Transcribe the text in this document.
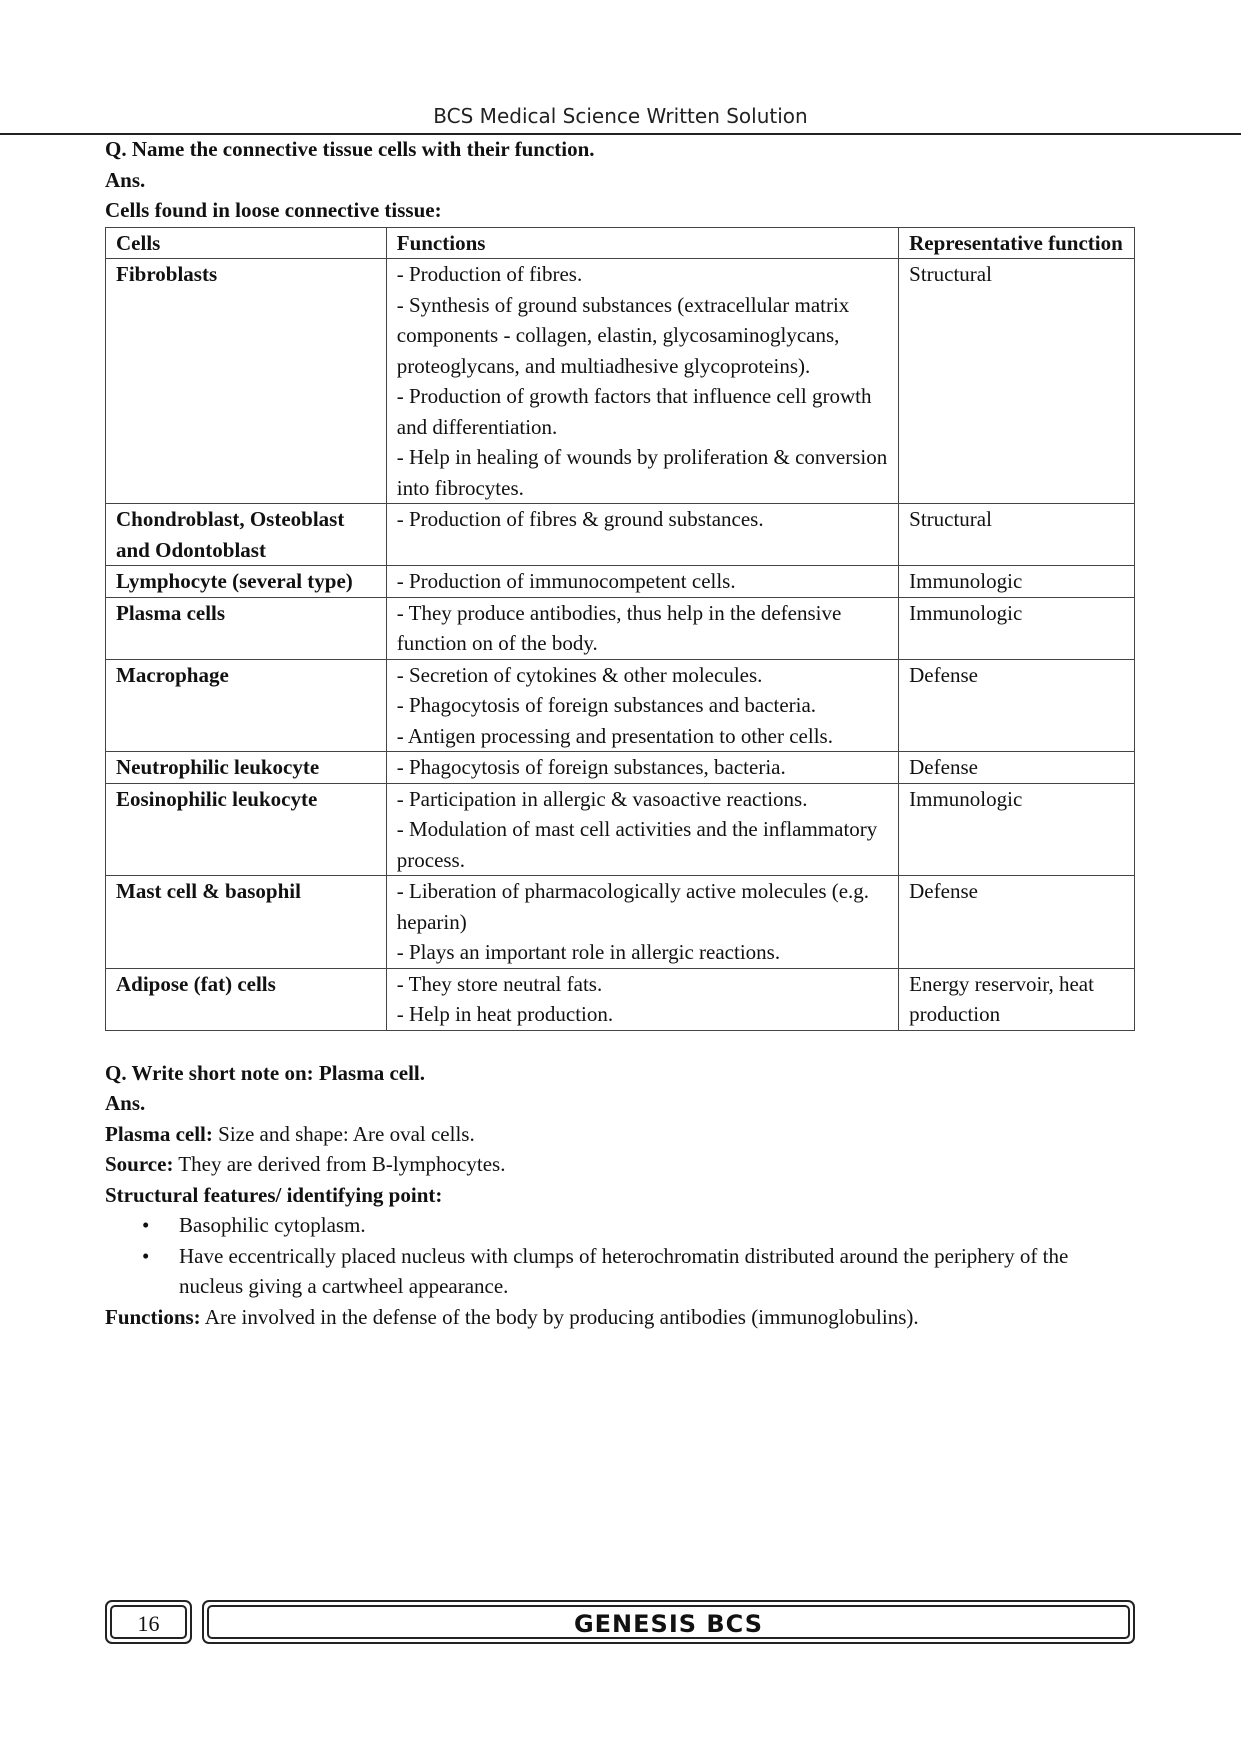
BCS Medical Science Written Solution
Q. Name the connective tissue cells with their function.
Ans.
Cells found in loose connective tissue:
Cells	Functions	Representative function
Fibroblasts	- Production of fibres.
- Synthesis of ground substances (extracellular matrix components - collagen, elastin, glycosaminoglycans, proteoglycans, and multiadhesive glycoproteins).
- Production of growth factors that influence cell growth and differentiation.
- Help in healing of wounds by proliferation & conversion into fibrocytes.	Structural
Chondroblast, Osteoblast and Odontoblast	- Production of fibres & ground substances.	Structural
Lymphocyte (several type)	- Production of immunocompetent cells.	Immunologic
Plasma cells	- They produce antibodies, thus help in the defensive function on of the body.	Immunologic
Macrophage	- Secretion of cytokines & other molecules.
- Phagocytosis of foreign substances and bacteria.
- Antigen processing and presentation to other cells.	Defense
Neutrophilic leukocyte	- Phagocytosis of foreign substances, bacteria.	Defense
Eosinophilic leukocyte	- Participation in allergic & vasoactive reactions.
- Modulation of mast cell activities and the inflammatory process.	Immunologic
Mast cell & basophil	- Liberation of pharmacologically active molecules (e.g. heparin)
- Plays an important role in allergic reactions.	Defense
Adipose (fat) cells	- They store neutral fats.
- Help in heat production.	Energy reservoir, heat production
Q. Write short note on: Plasma cell.
Ans.
Plasma cell: Size and shape: Are oval cells.
Source: They are derived from B-lymphocytes.
Structural features/ identifying point:
• Basophilic cytoplasm.
• Have eccentrically placed nucleus with clumps of heterochromatin distributed around the periphery of the nucleus giving a cartwheel appearance.
Functions: Are involved in the defense of the body by producing antibodies (immunoglobulins).
16	GENESIS BCS
